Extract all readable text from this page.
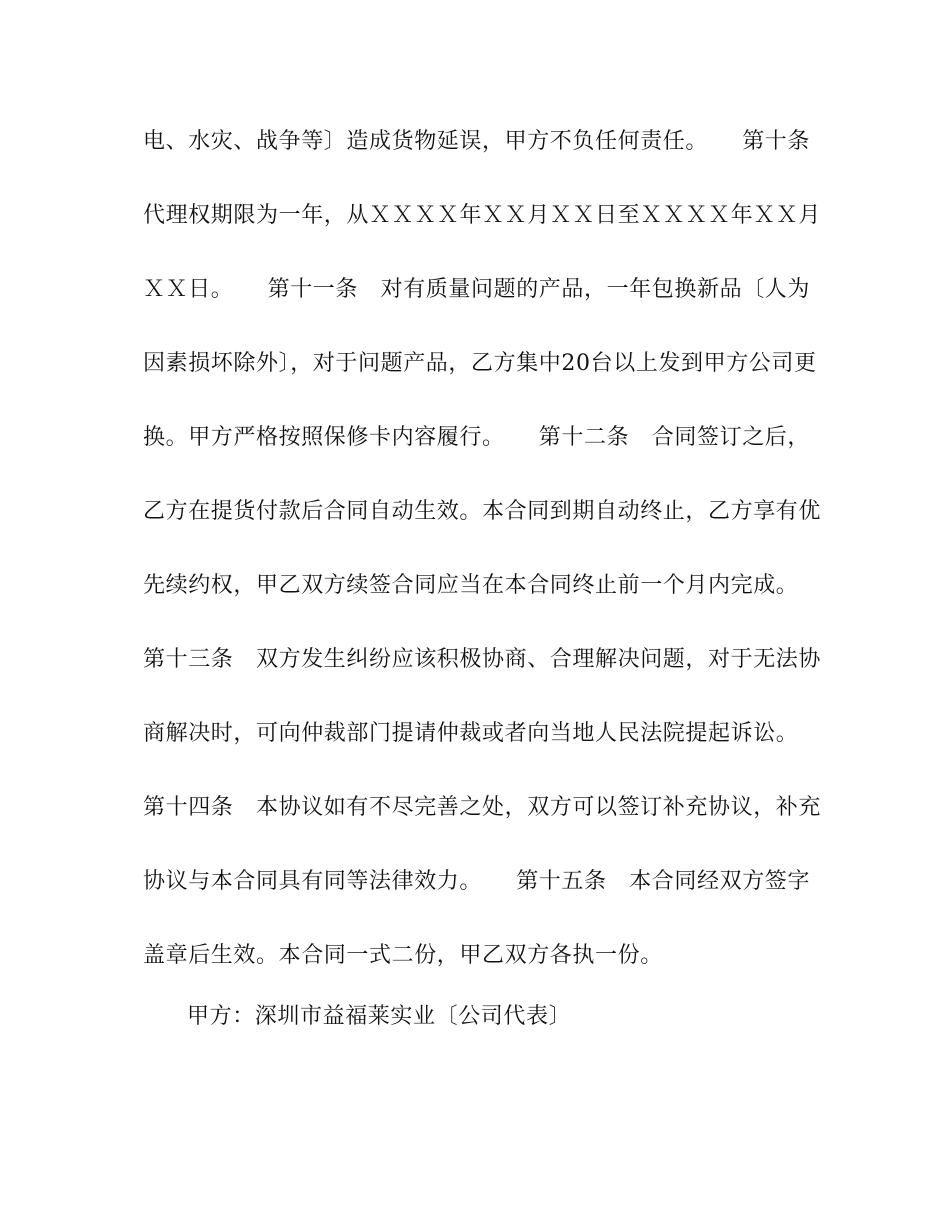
电、水灾、战争等〕造成货物延误，甲方不负任何责任。　　第十条
代理权期限为一年，从ＸＸＸＸ年ＸＸ月ＸＸ日至ＸＸＸＸ年ＸＸ月
ＸＸ日。　　第十一条　对有质量问题的产品，一年包换新品〔人为
因素损坏除外〕，对于问题产品，乙方集中20台以上发到甲方公司更
换。甲方严格按照保修卡内容履行。　　第十二条　合同签订之后，
乙方在提货付款后合同自动生效。本合同到期自动终止，乙方享有优
先续约权，甲乙双方续签合同应当在本合同终止前一个月内完成。
第十三条　双方发生纠纷应该积极协商、合理解决问题，对于无法协
商解决时，可向仲裁部门提请仲裁或者向当地人民法院提起诉讼。
第十四条　本协议如有不尽完善之处，双方可以签订补充协议，补充
协议与本合同具有同等法律效力。　　第十五条　本合同经双方签字
盖章后生效。本合同一式二份，甲乙双方各执一份。
甲方：深圳市益福莱实业〔公司代表〕
